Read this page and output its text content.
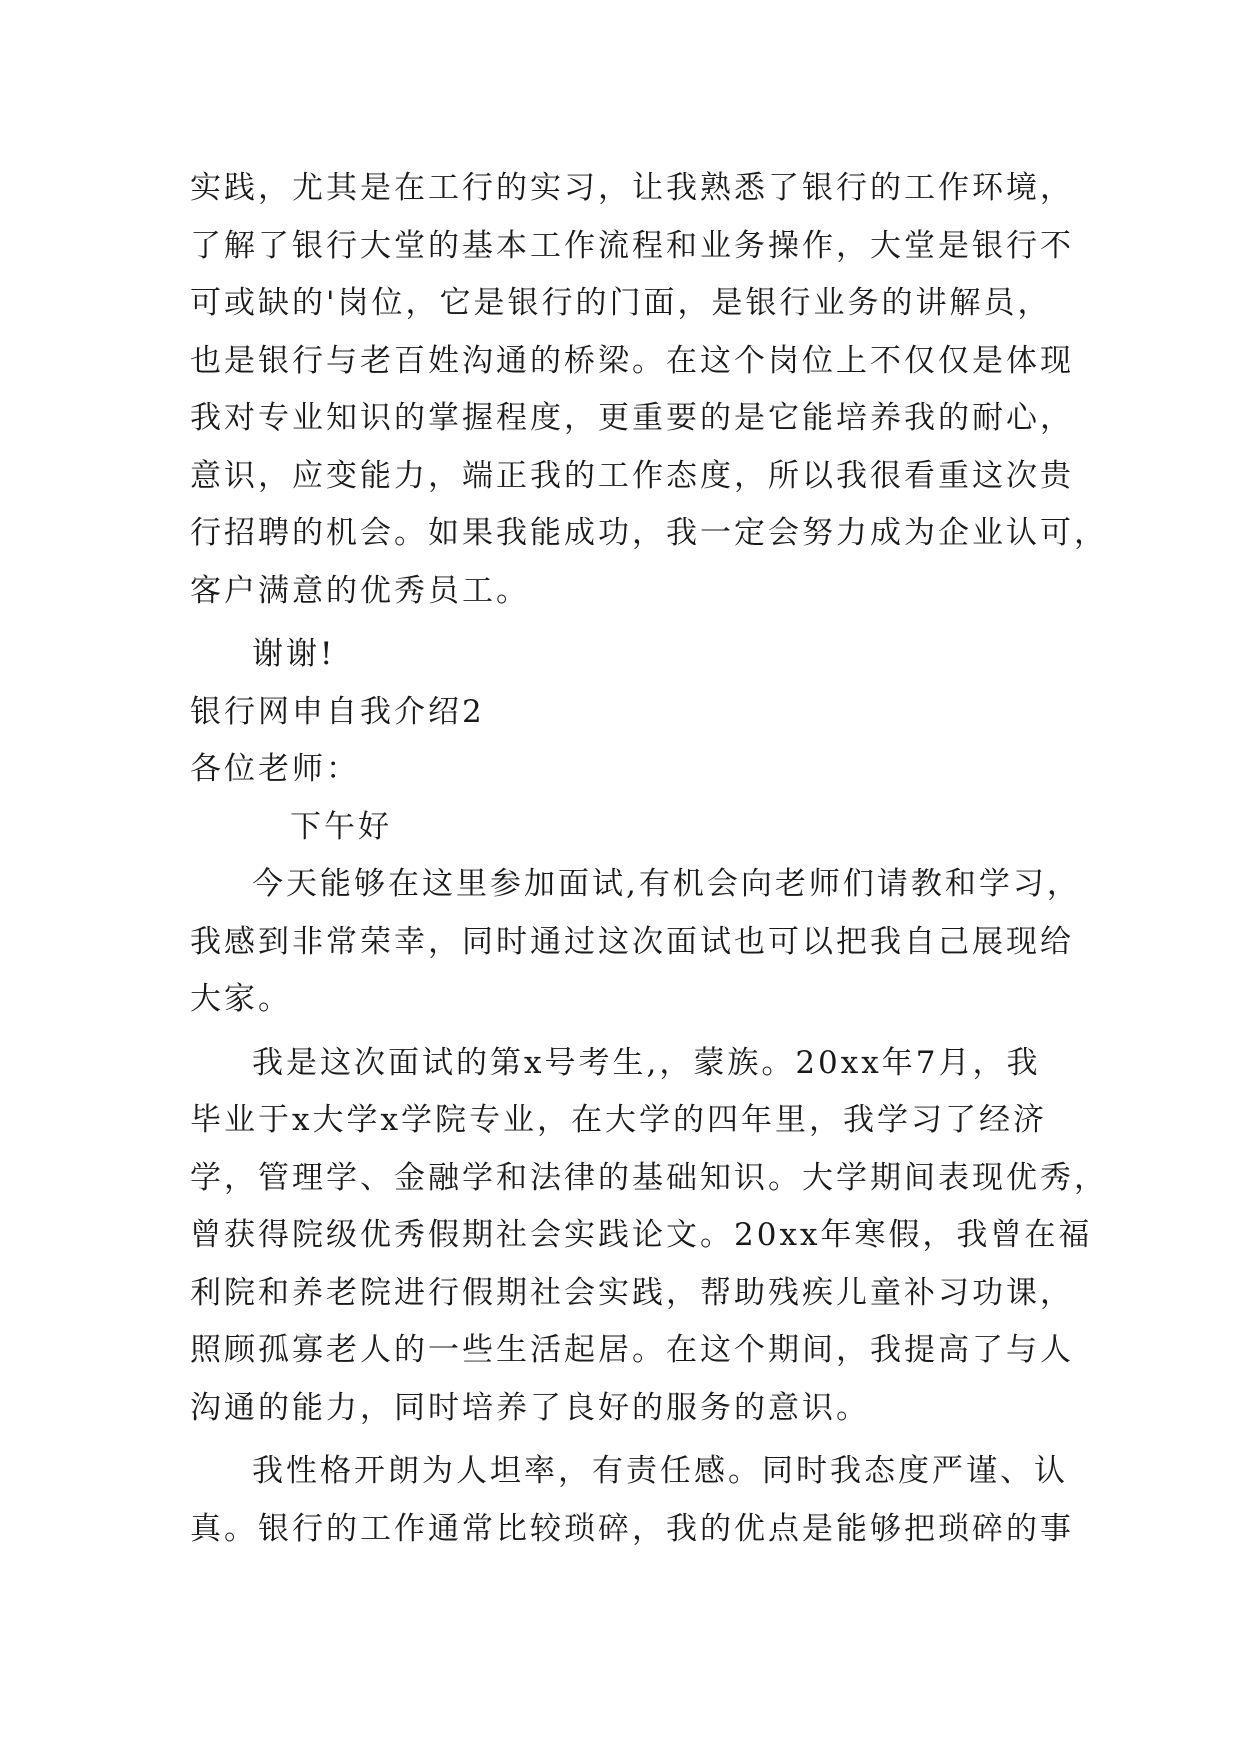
实践，尤其是在工行的实习，让我熟悉了银行的工作环境，
了解了银行大堂的基本工作流程和业务操作，大堂是银行不
可或缺的'岗位，它是银行的门面，是银行业务的讲解员，
也是银行与老百姓沟通的桥梁。在这个岗位上不仅仅是体现
我对专业知识的掌握程度，更重要的是它能培养我的耐心，
意识，应变能力，端正我的工作态度，所以我很看重这次贵
行招聘的机会。如果我能成功，我一定会努力成为企业认可，
客户满意的优秀员工。
谢谢!
银行网申自我介绍2
各位老师：
下午好
今天能够在这里参加面试,有机会向老师们请教和学习，
我感到非常荣幸，同时通过这次面试也可以把我自己展现给
大家。
我是这次面试的第x号考生,，蒙族。20xx年7月，我
毕业于x大学x学院专业，在大学的四年里，我学习了经济
学，管理学、金融学和法律的基础知识。大学期间表现优秀，
曾获得院级优秀假期社会实践论文。20xx年寒假，我曾在福
利院和养老院进行假期社会实践，帮助残疾儿童补习功课，
照顾孤寡老人的一些生活起居。在这个期间，我提高了与人
沟通的能力，同时培养了良好的服务的意识。
我性格开朗为人坦率，有责任感。同时我态度严谨、认
真。银行的工作通常比较琐碎，我的优点是能够把琐碎的事
